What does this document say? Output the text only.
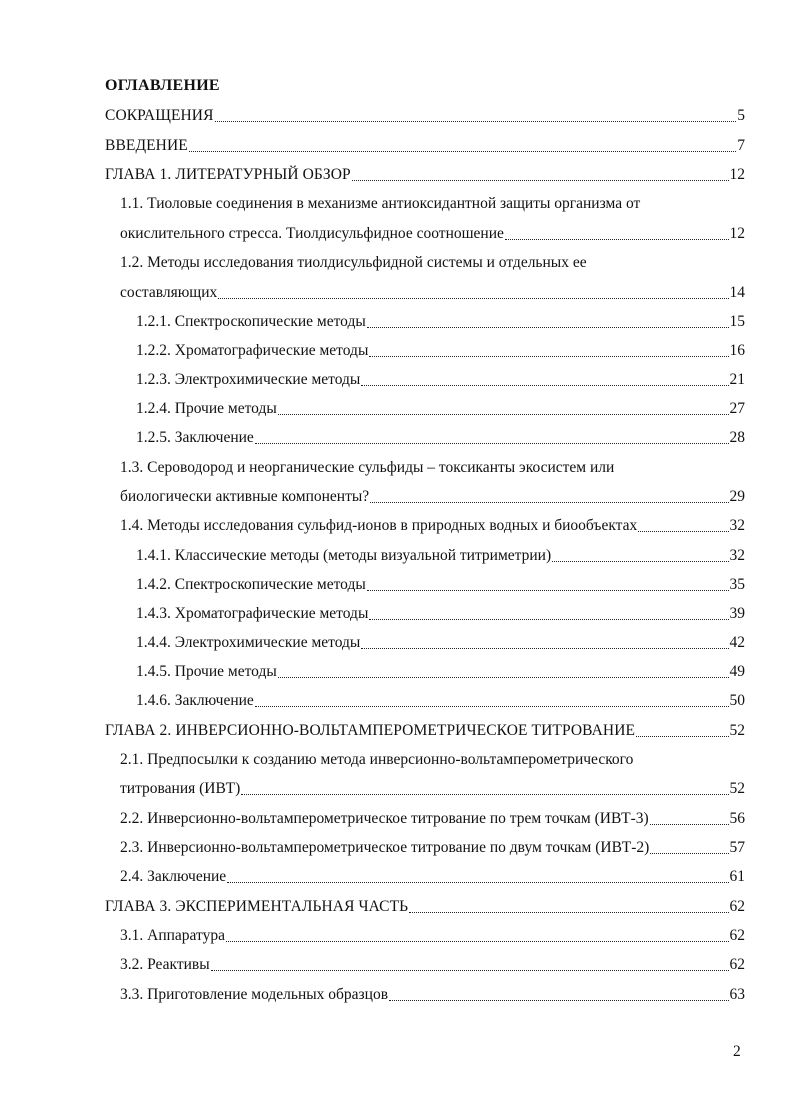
ОГЛАВЛЕНИЕ
СОКРАЩЕНИЯ	5
ВВЕДЕНИЕ	7
ГЛАВА 1. ЛИТЕРАТУРНЫЙ ОБЗОР	12
1.1. Тиоловые соединения в механизме антиоксидантной защиты организма от
окислительного стресса. Тиолдисульфидное соотношение	12
1.2. Методы исследования тиолдисульфидной системы и отдельных ее
составляющих	14
1.2.1. Спектроскопические методы	15
1.2.2. Хроматографические методы	16
1.2.3. Электрохимические методы	21
1.2.4. Прочие методы	27
1.2.5. Заключение	28
1.3. Сероводород и неорганические сульфиды – токсиканты экосистем или
биологически активные компоненты?	29
1.4. Методы исследования сульфид-ионов в природных водных и биообъектах	32
1.4.1. Классические методы (методы визуальной титриметрии)	32
1.4.2. Спектроскопические методы	35
1.4.3. Хроматографические методы	39
1.4.4. Электрохимические методы	42
1.4.5. Прочие методы	49
1.4.6. Заключение	50
ГЛАВА 2. ИНВЕРСИОННО-ВОЛЬТАМПЕРОМЕТРИЧЕСКОЕ ТИТРОВАНИЕ	52
2.1. Предпосылки к созданию метода инверсионно-вольтамперометрического
титрования (ИВТ)	52
2.2. Инверсионно-вольтамперометрическое титрование по трем точкам (ИВТ-3)	56
2.3. Инверсионно-вольтамперометрическое титрование по двум точкам (ИВТ-2)	57
2.4. Заключение	61
ГЛАВА 3. ЭКСПЕРИМЕНТАЛЬНАЯ ЧАСТЬ	62
3.1. Аппаратура	62
3.2. Реактивы	62
3.3. Приготовление модельных образцов	63
2
